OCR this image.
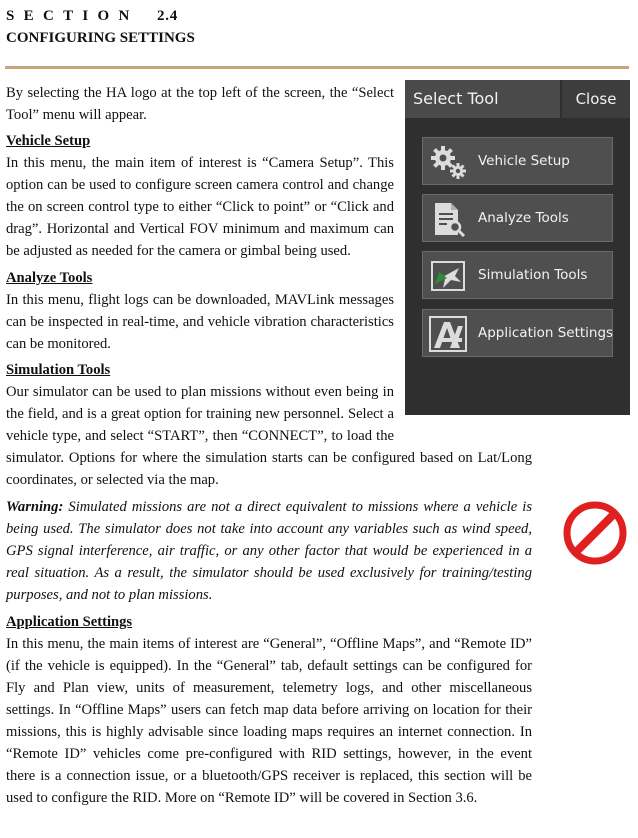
SECTION 2.4
CONFIGURING SETTINGS

By selecting the HA logo at the top left of the screen, the “Select Tool” menu will appear.

Vehicle Setup

In this menu, the main item of interest is “Camera Setup”. This option can be used to configure screen camera control and change the on screen control type to either “Click to point” or “Click and drag”. Horizontal and Vertical FOV minimum and maximum can be adjusted as needed for the camera or gimbal being used.

Analyze Tools

In this menu, flight logs can be downloaded, MAVLink messages can be inspected in real-time, and vehicle vibration characteristics can be monitored.

Simulation Tools

Our simulator can be used to plan missions without even being in the field, and is a great option for training new personnel. Select a vehicle type, and select “START”, then “CONNECT”, to load the

simulator. Options for where the simulation starts can be configured based on Lat/Long coordinates, or selected via the map.

Warning: Simulated missions are not a direct equivalent to missions where a vehicle is being used. The simulator does not take into account any variables such as wind speed, GPS signal interference, air traffic, or any other factor that would be experienced in a real situation. As a result, the simulator should be used exclusively for training/testing purposes, and not to plan missions.

Application Settings

In this menu, the main items of interest are “General”, “Offline Maps”, and “Remote ID” (if the vehicle is equipped). In the “General” tab, default settings can be configured for Fly and Plan view, units of measurement, telemetry logs, and other miscellaneous settings. In “Offline Maps” users can fetch map data before arriving on location for their missions, this is highly advisable since loading maps requires an internet connection. In “Remote ID” vehicles come pre-configured with RID settings, however, in the event there is a connection issue, or a bluetooth/GPS receiver is replaced, this section will be used to configure the RID. More on “Remote ID” will be covered in Section 3.6.

Select Tool	Close
Vehicle Setup
Analyze Tools
Simulation Tools
Application Settings
